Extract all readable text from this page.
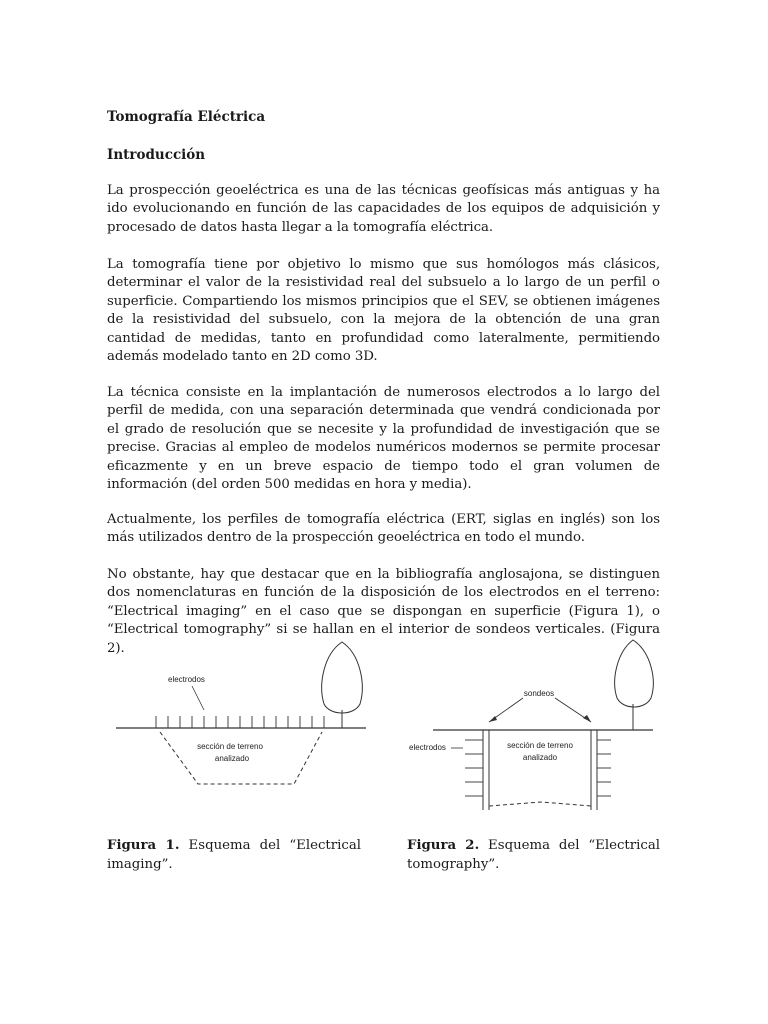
Tomografía Eléctrica
Introducción

La prospección geoeléctrica es una de las técnicas geofísicas más antiguas y ha ido evolucionando en función de las capacidades de los equipos de adquisición y procesado de datos hasta llegar a la tomografía eléctrica.

La tomografía tiene por objetivo lo mismo que sus homólogos más clásicos, determinar el valor de la resistividad real del subsuelo a lo largo de un perfil o superficie. Compartiendo los mismos principios que el SEV, se obtienen imágenes de la resistividad del subsuelo, con la mejora de la obtención de una gran cantidad de medidas, tanto en profundidad como lateralmente, permitiendo además modelado tanto en 2D como 3D.

La técnica consiste en la implantación de numerosos electrodos a lo largo del perfil de medida, con una separación determinada que vendrá condicionada por el grado de resolución que se necesite y la profundidad de investigación que se precise. Gracias al empleo de modelos numéricos modernos se permite procesar eficazmente y en un breve espacio de tiempo todo el gran volumen de información (del orden 500 medidas en hora y media).

Actualmente, los perfiles de tomografía eléctrica (ERT, siglas en inglés) son los más utilizados dentro de la prospección geoeléctrica en todo el mundo.

No obstante, hay que destacar que en la bibliografía anglosajona, se distinguen dos nomenclaturas en función de la disposición de los electrodos en el terreno: “Electrical imaging” en el caso que se dispongan en superficie (Figura 1), o “Electrical tomography” si se hallan en el interior de sondeos verticales. (Figura 2).

electrodos
sección de terreno
analizado
sondeos
electrodos	sección de terreno
analizado

Figura 1. Esquema del “Electrical imaging”.

Figura 2. Esquema del “Electrical tomography”.
